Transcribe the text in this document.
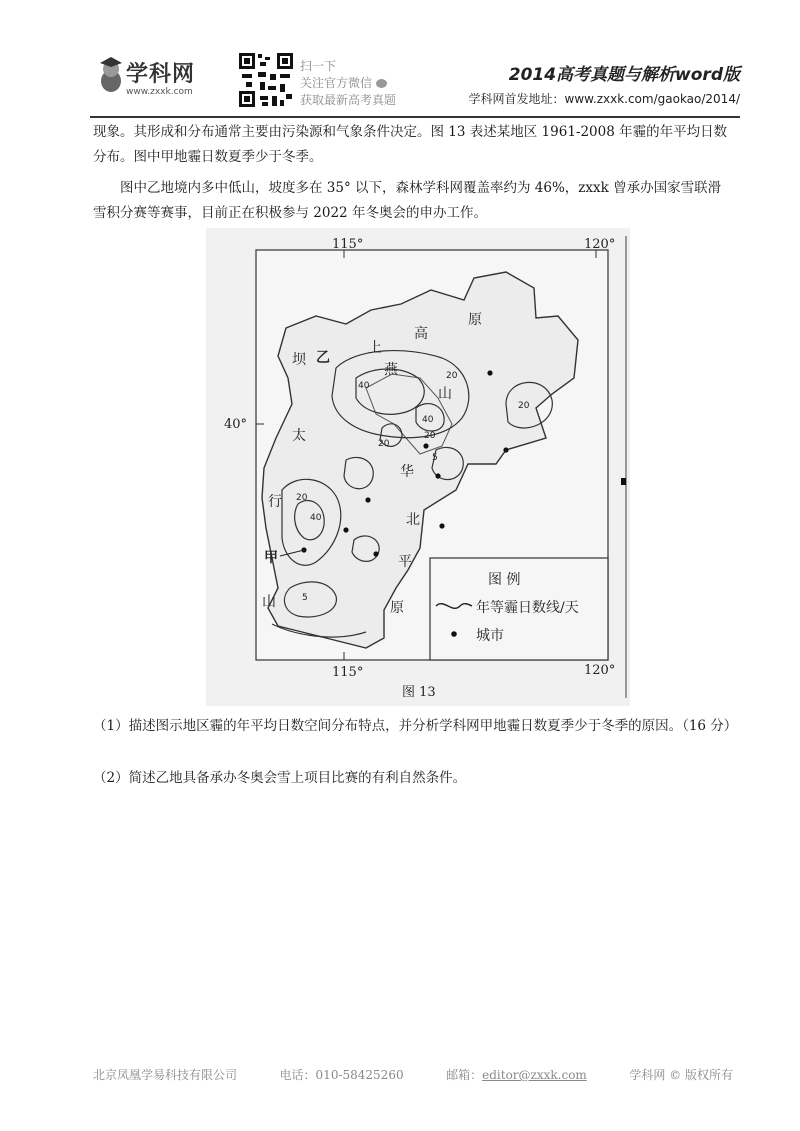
学科网
www.zxxk.com
扫一下
关注官方微信
获取最新高考真题
2014高考真题与解析word版
学科网首发地址：www.zxxk.com/gaokao/2014/

现象。其形成和分布通常主要由污染源和气象条件决定。图 13 表述某地区 1961-2008 年霾的年平均日数分布。图中甲地霾日数夏季少于冬季。

图中乙地境内多中低山，坡度多在 35° 以下，森林学科网覆盖率约为 46%，zxxk 曾承办国家雪联滑雪积分赛等赛事，目前正在积极参与 2022 年冬奥会的申办工作。

115°	120°
40°
115°	120°
坝 乙
上
高
原
燕
山
太
华
北
平
原
行
甲
山
40
20
40
20
20
5
20
40
20
5
图 例
年等霾日数线/天
城市
图 13

（1）描述图示地区霾的年平均日数空间分布特点，并分析学科网甲地霾日数夏季少于冬季的原因。（16 分）

（2）简述乙地具备承办冬奥会雪上项目比赛的有利自然条件。

北京凤凰学易科技有限公司	电话：010-58425260	邮箱：editor@zxxk.com	学科网 © 版权所有
